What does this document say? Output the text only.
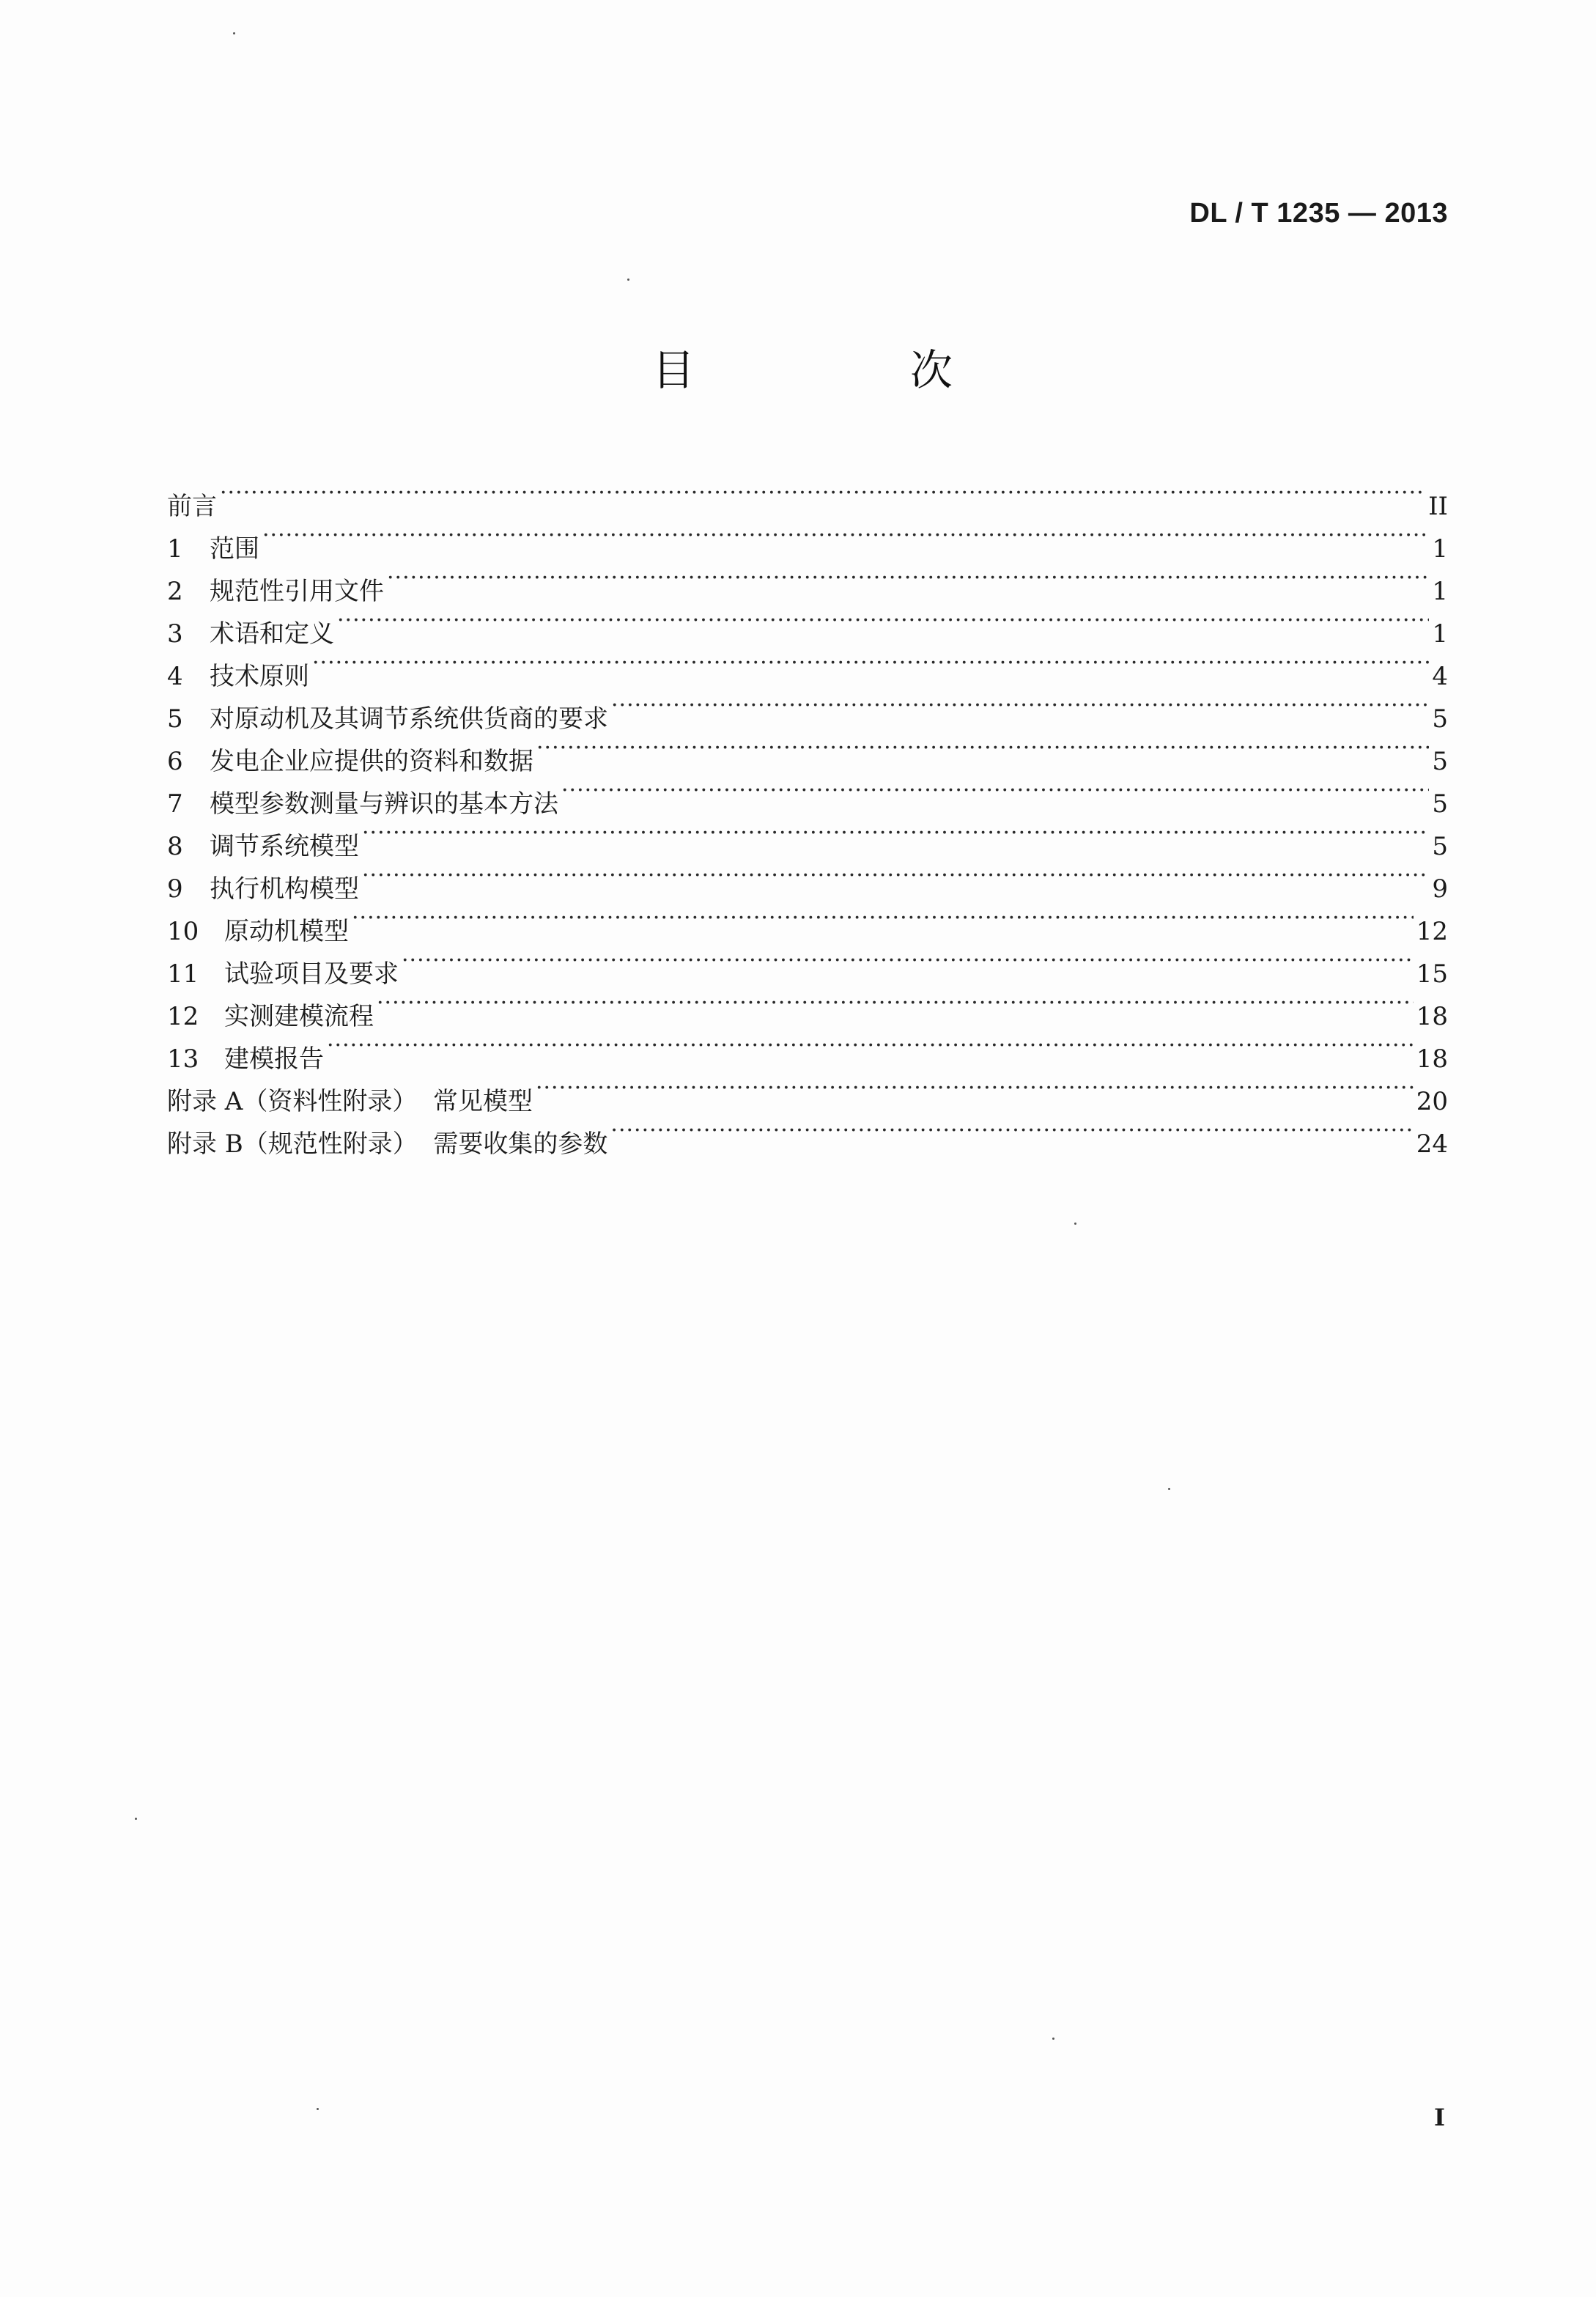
DL / T 1235 — 2013
目　次
前言 ·····	II
1	范围 ·····	1
2	规范性引用文件 ·····	1
3	术语和定义 ·····	1
4	技术原则 ·····	4
5	对原动机及其调节系统供货商的要求 ·····	5
6	发电企业应提供的资料和数据 ·····	5
7	模型参数测量与辨识的基本方法 ·····	5
8	调节系统模型 ·····	5
9	执行机构模型 ·····	9
10	原动机模型 ·····	12
11	试验项目及要求 ·····	15
12	实测建模流程 ·····	18
13	建模报告 ·····	18
附录 A（资料性附录）  常见模型 ·····	20
附录 B（规范性附录）  需要收集的参数 ·····	24
I
